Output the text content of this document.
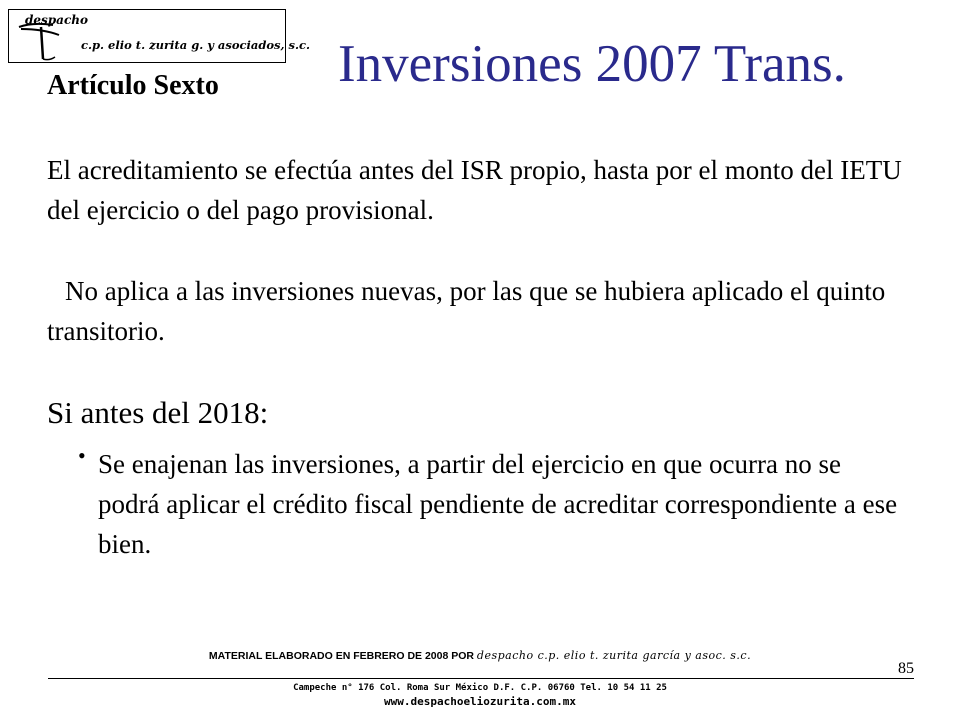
despacho
c.p. elio t. zurita g. y asociados, s.c. Inversiones 2007 Trans.
Artículo Sexto

El acreditamiento se efectúa antes del ISR propio, hasta por el monto del IETU del ejercicio o del pago provisional.

No aplica a las inversiones nuevas, por las que se hubiera aplicado el quinto transitorio.

Si antes del 2018:
• Se enajenan las inversiones, a partir del ejercicio en que ocurra no se podrá aplicar el crédito fiscal pendiente de acreditar correspondiente a ese bien.

MATERIAL ELABORADO EN FEBRERO DE 2008 POR despacho c.p. elio t. zurita garcía y asoc. s.c.
85
Campeche n° 176 Col. Roma Sur México D.F. C.P. 06760 Tel. 10 54 11 25
www.despachoeliozurita.com.mx
